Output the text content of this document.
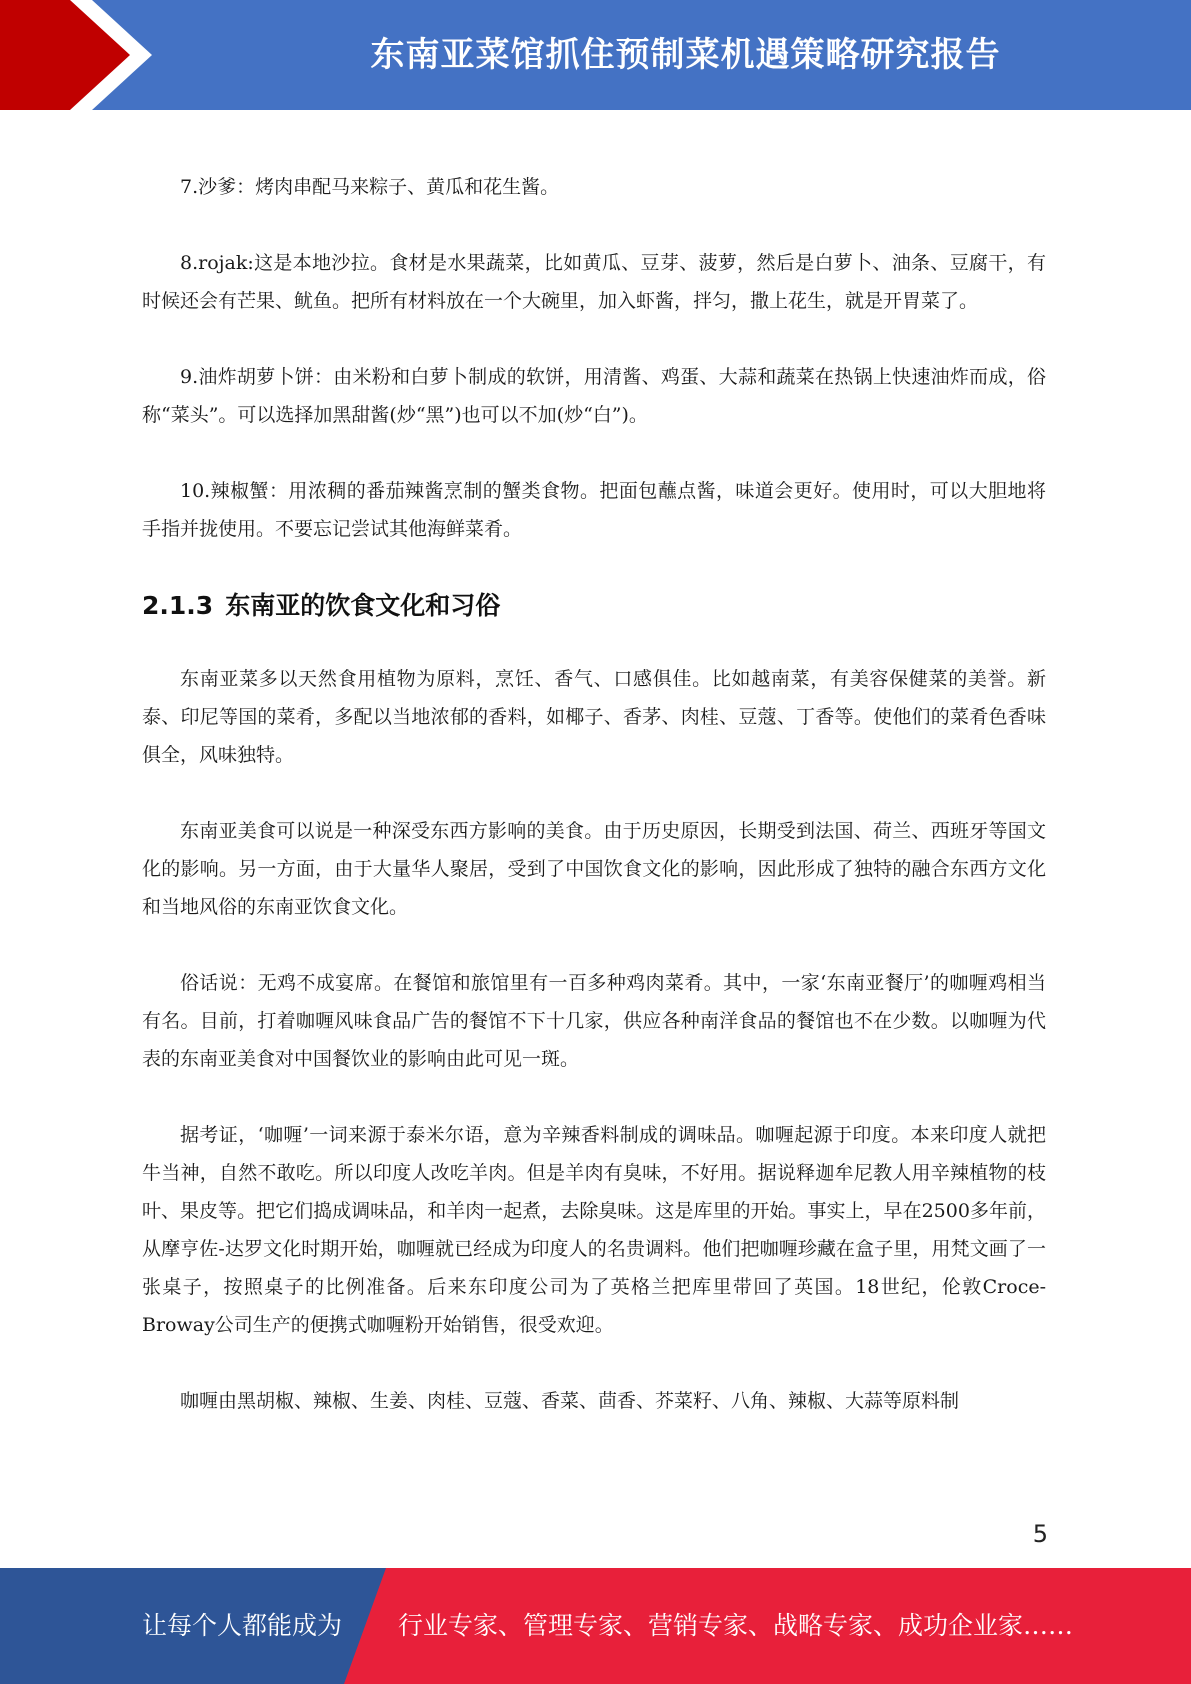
东南亚菜馆抓住预制菜机遇策略研究报告

7.沙爹：烤肉串配马来粽子、黄瓜和花生酱。

8.rojak:这是本地沙拉。食材是水果蔬菜，比如黄瓜、豆芽、菠萝，然后是白萝卜、油条、豆腐干，有时候还会有芒果、鱿鱼。把所有材料放在一个大碗里，加入虾酱，拌匀，撒上花生，就是开胃菜了。

9.油炸胡萝卜饼：由米粉和白萝卜制成的软饼，用清酱、鸡蛋、大蒜和蔬菜在热锅上快速油炸而成，俗称“菜头”。可以选择加黑甜酱(炒“黑”)也可以不加(炒“白”)。

10.辣椒蟹：用浓稠的番茄辣酱烹制的蟹类食物。把面包蘸点酱，味道会更好。使用时，可以大胆地将手指并拢使用。不要忘记尝试其他海鲜菜肴。

2.1.3 东南亚的饮食文化和习俗

东南亚菜多以天然食用植物为原料，烹饪、香气、口感俱佳。比如越南菜，有美容保健菜的美誉。新泰、印尼等国的菜肴，多配以当地浓郁的香料，如椰子、香茅、肉桂、豆蔻、丁香等。使他们的菜肴色香味俱全，风味独特。

东南亚美食可以说是一种深受东西方影响的美食。由于历史原因，长期受到法国、荷兰、西班牙等国文化的影响。另一方面，由于大量华人聚居，受到了中国饮食文化的影响，因此形成了独特的融合东西方文化和当地风俗的东南亚饮食文化。

俗话说：无鸡不成宴席。在餐馆和旅馆里有一百多种鸡肉菜肴。其中，一家‘东南亚餐厅’的咖喱鸡相当有名。目前，打着咖喱风味食品广告的餐馆不下十几家，供应各种南洋食品的餐馆也不在少数。以咖喱为代表的东南亚美食对中国餐饮业的影响由此可见一斑。

据考证，‘咖喱’一词来源于泰米尔语，意为辛辣香料制成的调味品。咖喱起源于印度。本来印度人就把牛当神，自然不敢吃。所以印度人改吃羊肉。但是羊肉有臭味，不好用。据说释迦牟尼教人用辛辣植物的枝叶、果皮等。把它们捣成调味品，和羊肉一起煮，去除臭味。这是库里的开始。事实上，早在2500多年前，从摩亨佐-达罗文化时期开始，咖喱就已经成为印度人的名贵调料。他们把咖喱珍藏在盒子里，用梵文画了一张桌子，按照桌子的比例准备。后来东印度公司为了英格兰把库里带回了英国。18世纪，伦敦Croce-Broway公司生产的便携式咖喱粉开始销售，很受欢迎。

咖喱由黑胡椒、辣椒、生姜、肉桂、豆蔻、香菜、茴香、芥菜籽、八角、辣椒、大蒜等原料制

5
让每个人都能成为 行业专家、管理专家、营销专家、战略专家、成功企业家……
